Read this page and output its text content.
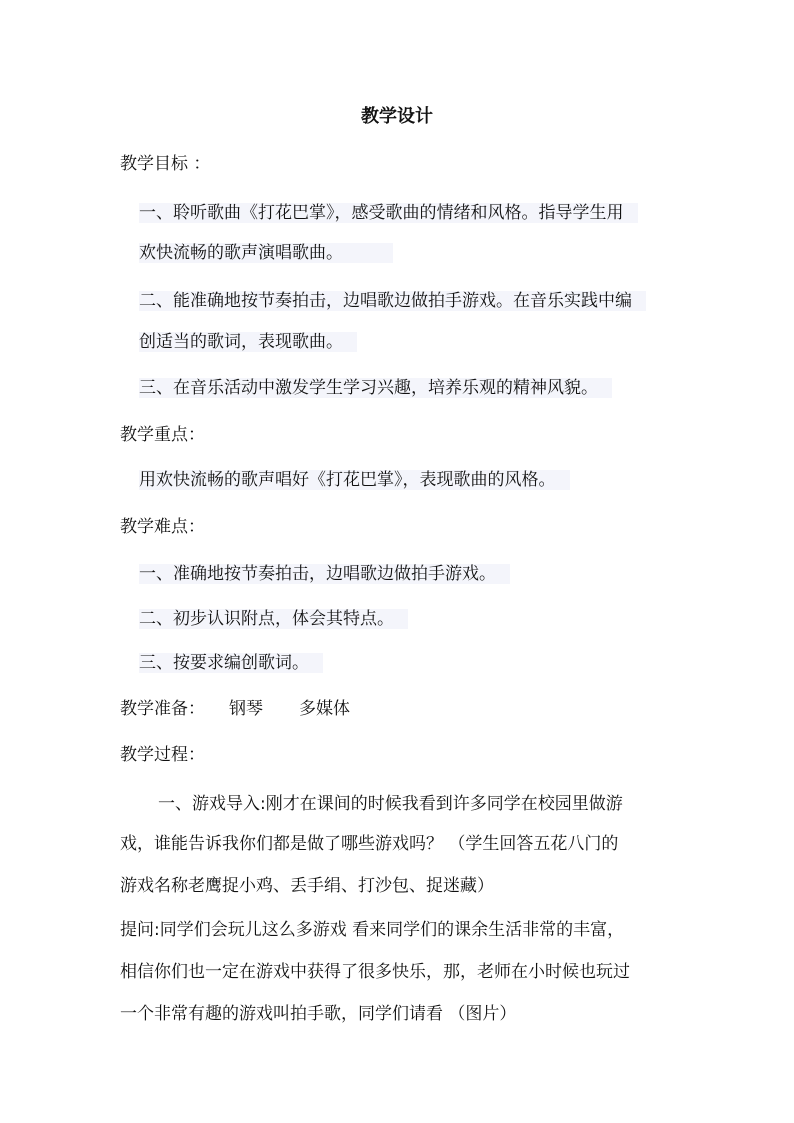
教学设计
教学目标 ：
一、聆听歌曲《打花巴掌》，感受歌曲的情绪和风格。指导学生用
欢快流畅的歌声演唱歌曲。
二、能准确地按节奏拍击，边唱歌边做拍手游戏。在音乐实践中编
创适当的歌词，表现歌曲。
三、在音乐活动中激发学生学习兴趣，培养乐观的精神风貌。
教学重点：
用欢快流畅的歌声唱好《打花巴掌》，表现歌曲的风格。
教学难点：
一、准确地按节奏拍击，边唱歌边做拍手游戏。
二、初步认识附点，体会其特点。
三、按要求编创歌词。
教学准备： 钢琴 多媒体
教学过程：
一、游戏导入:刚才在课间的时候我看到许多同学在校园里做游
戏，谁能告诉我你们都是做了哪些游戏吗？ （学生回答五花八门的
游戏名称老鹰捉小鸡、丢手绢、打沙包、捉迷藏）
提问:同学们会玩儿这么多游戏 看来同学们的课余生活非常的丰富，
相信你们也一定在游戏中获得了很多快乐，那，老师在小时候也玩过
一个非常有趣的游戏叫拍手歌，同学们请看 （图片）
